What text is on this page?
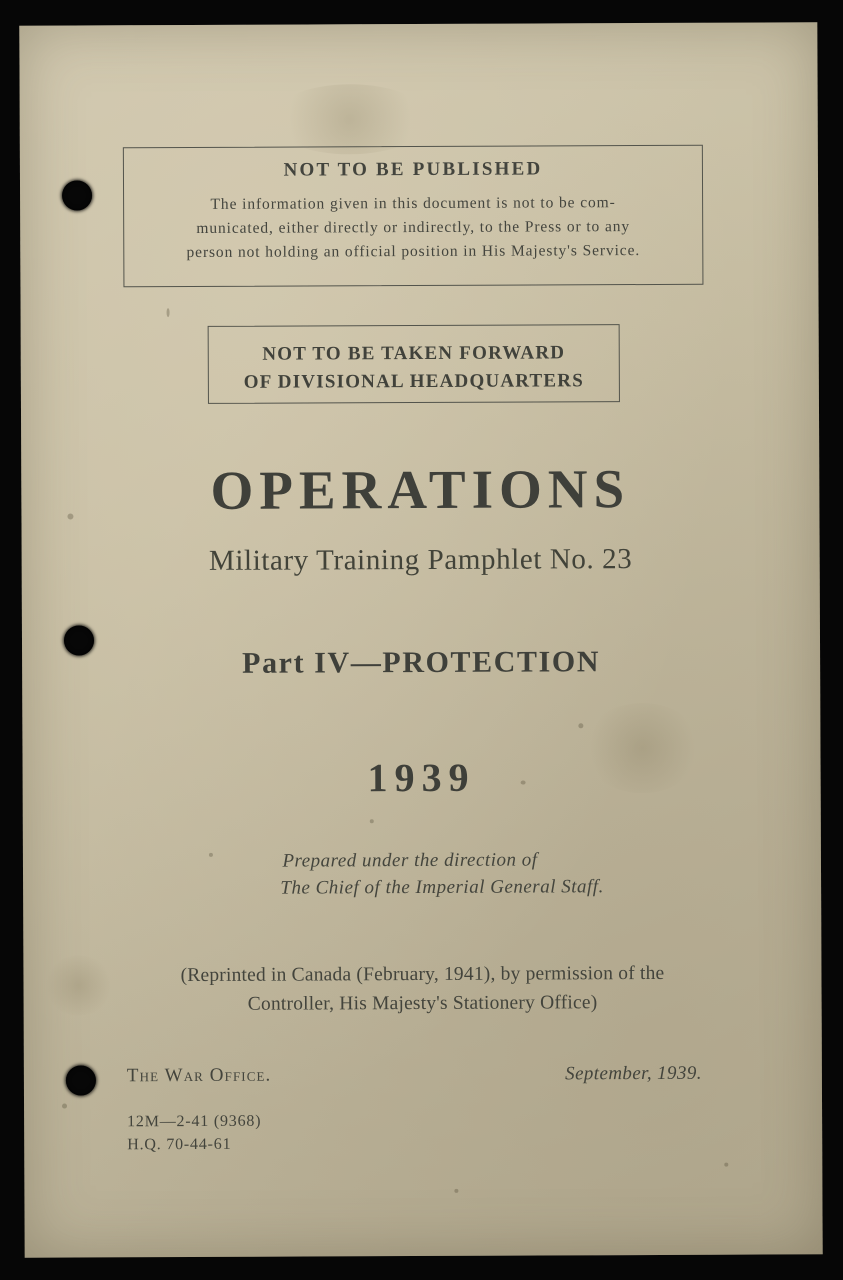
NOT TO BE PUBLISHED
The information given in this document is not to be com-
municated, either directly or indirectly, to the Press or to any
person not holding an official position in His Majesty's Service.
NOT TO BE TAKEN FORWARD
OF DIVISIONAL HEADQUARTERS
OPERATIONS
Military Training Pamphlet No. 23
Part IV—PROTECTION
1939
Prepared under the direction of
The Chief of the Imperial General Staff.
(Reprinted in Canada (February, 1941), by permission of the
Controller, His Majesty's Stationery Office)
The War Office.	September, 1939.
12M—2-41 (9368)
H.Q. 70-44-61
